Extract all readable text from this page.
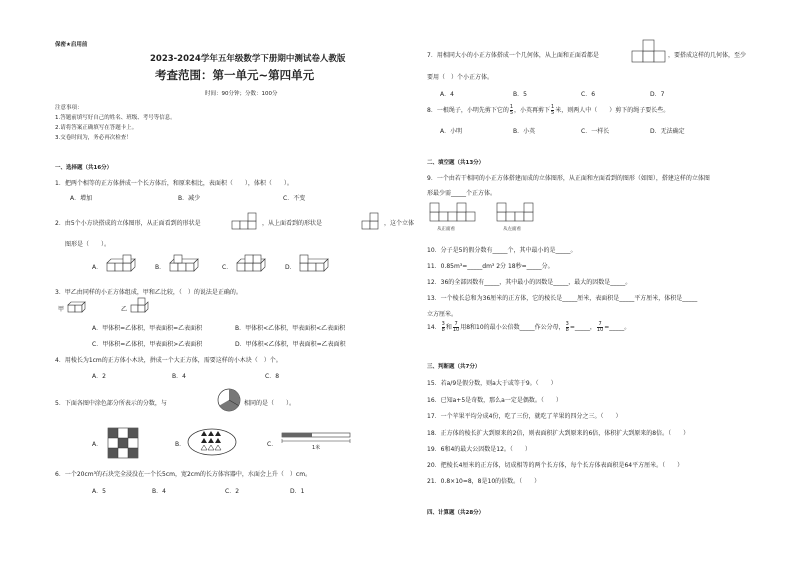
保密★启用前
2023-2024学年五年级数学下册期中测试卷人教版
考查范围：第一单元~第四单元
时间：90分钟；分数：100分
注意事项：
1.答题前填写好自己的姓名、班级、考号等信息。
2.请将答案正确填写在答题卡上。
3.交卷时间为，务必再次检查！
一、选择题（共16分）
1．把两个相等的正方体拼成一个长方体后，和原来相比，表面积（　　），体积（　　）。
A．增加	B．减少	C．不变
2．由5个小方块搭成的立体图形，从正面看到的形状是	，从上面看到的形状是	，这个立体
图形是（　　）。
A．	B．	C．	D．
3．甲乙由同样的小正方体组成，甲和乙比较，（　）的说法是正确的。
甲	乙
A．甲体积=乙体积，甲表面积=乙表面积	B．甲体积<乙体积，甲表面积<乙表面积
C．甲体积=乙体积，甲表面积>乙表面积	D．甲体积<乙体积，甲表面积=乙表面积
4．用棱长为1cm的正方体小木块，拼成一个大正方体，需要这样的小木块（　）个。
A．2	B．4	C．8
5．下面各图中涂色部分所表示的分数，与	相同的是（　　）。
A．	B．	C．	1米
6．一个20cm³的石块完全浸没在一个长5cm，宽2cm的长方体容器中，水面会上升（　）cm。
A．5	B．4	C．2	D．1
7．用相同大小的小正方体搭成一个几何体，从上面和正面看都是	，要搭成这样的几何体，至少
要用（　）个小正方体。
A．4	B．5	C．6	D．7
8．一根绳子，小明先剪下它的 $\frac{1}{5}$ ，小英再剪下 $\frac{1}{5}$ 米，则两人中（　　）剪下的绳子要长些。
A．小明	B．小英	C．一样长	D．无法确定
二、填空题（共13分）
9．一个由若干相同的小正方体搭建而成的立体图形，从正面和左面看到的图形（如图），搭建这样的立体图
形最少需_____个正方体。
从正面看	从左面看
10．分子是5的假分数有_____个，其中最小的是_____。
11．0.85m³=_____dm³ 2分 18秒=_____分。
12．36的全部因数有_____，其中最小的因数是_____，最大的因数是_____。
13．一个棱长总和为36厘米的正方体，它的棱长是_____厘米，表面积是_____平方厘米，体积是_____
立方厘米。
14． $\frac{3}{8}$ 和 $\frac{7}{10}$ 用8和10的最小公倍数_____作公分母， $\frac{3}{8}$ =_____， $\frac{7}{10}$ =_____。
三、判断题（共7分）
15．若a/9是假分数，则a大于或等于9。（　　）
16．已知a+5是奇数，那么a一定是偶数。（　　）
17．一个苹果平均分成4份，吃了三份，就吃了苹果的四分之三。（　　）
18．正方体的棱长扩大到原来的2倍，则表面积扩大到原来的6倍，体积扩大到原来的8倍。（　　）
19．6和4的最大公因数是12。（　　）
20．把棱长4厘米的正方体，切成相等的两个长方体，每个长方体表面积是64平方厘米。（　　）
21．0.8×10=8，8是10的倍数。（　　）
四、计算题（共28分）
